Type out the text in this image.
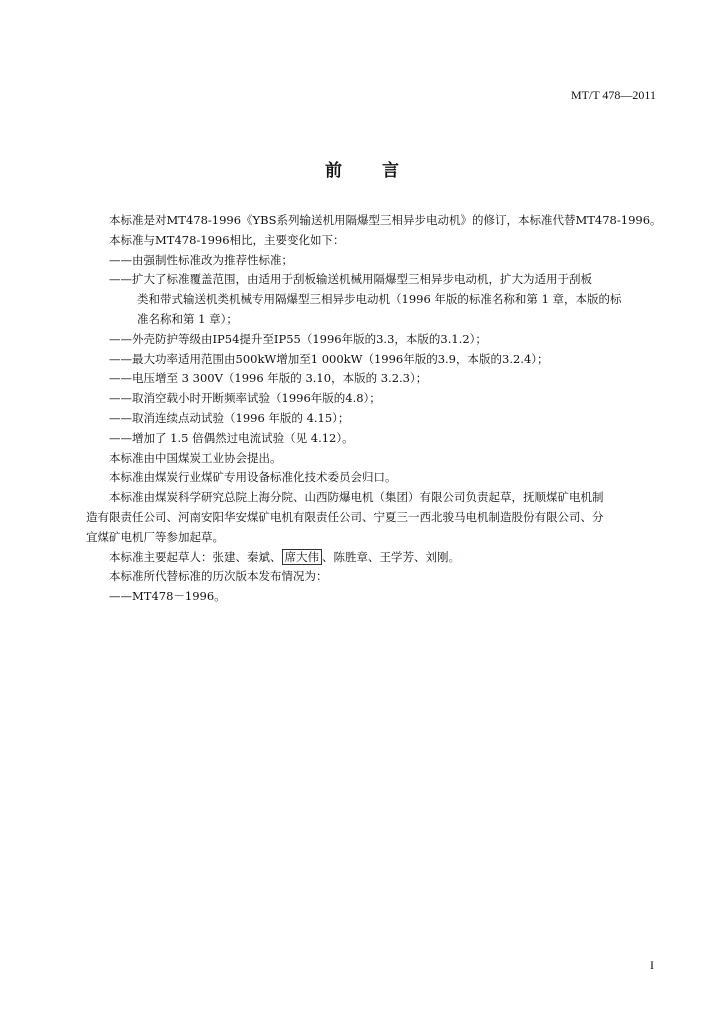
MT/T 478—2011
前 言
本标准是对MT478-1996《YBS系列输送机用隔爆型三相异步电动机》的修订，本标准代替MT478-1996。
本标准与MT478-1996相比，主要变化如下：
——由强制性标准改为推荐性标准；
——扩大了标准覆盖范围，由适用于刮板输送机械用隔爆型三相异步电动机，扩大为适用于刮板
类和带式输送机类机械专用隔爆型三相异步电动机（1996 年版的标准名称和第 1 章，本版的标
准名称和第 1 章）；
——外壳防护等级由IP54提升至IP55（1996年版的3.3，本版的3.1.2）；
——最大功率适用范围由500kW增加至1 000kW（1996年版的3.9，本版的3.2.4）；
——电压增至 3 300V（1996 年版的 3.10，本版的 3.2.3）；
——取消空载小时开断频率试验（1996年版的4.8）；
——取消连续点动试验（1996 年版的 4.15）；
——增加了 1.5 倍偶然过电流试验（见 4.12）。
本标准由中国煤炭工业协会提出。
本标准由煤炭行业煤矿专用设备标准化技术委员会归口。
本标准由煤炭科学研究总院上海分院、山西防爆电机（集团）有限公司负责起草，抚顺煤矿电机制
造有限责任公司、河南安阳华安煤矿电机有限责任公司、宁夏三一西北骏马电机制造股份有限公司、分
宜煤矿电机厂等参加起草。
本标准主要起草人：张建、秦斌、 席大伟 、陈胜章、王学芳、刘刚。
本标准所代替标准的历次版本发布情况为：
——MT478－1996。
I
